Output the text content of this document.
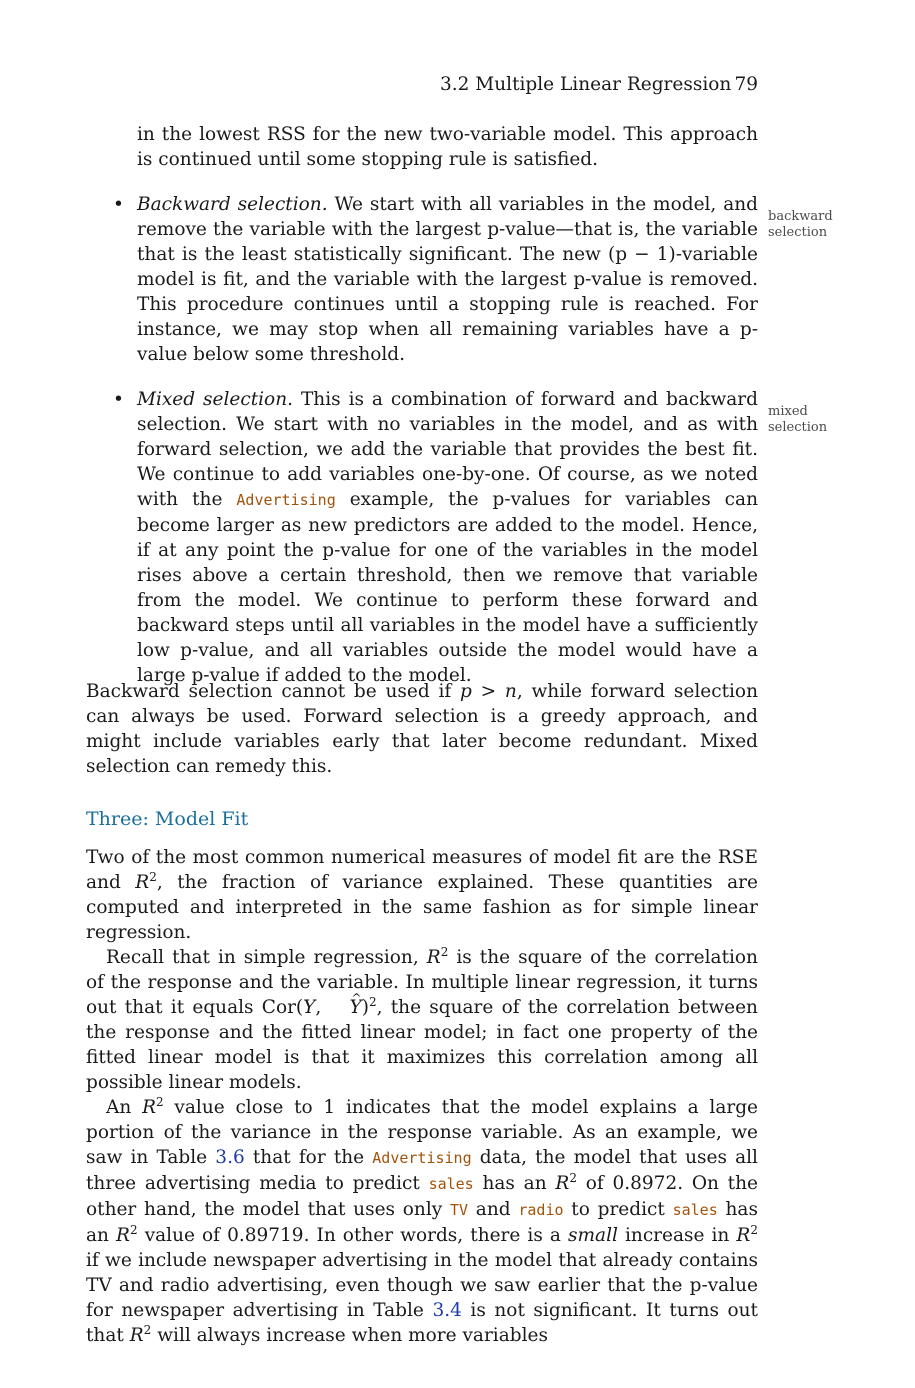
3.2 Multiple Linear Regression 79

in the lowest RSS for the new two-variable model. This approach is continued until some stopping rule is satisfied.

• Backward selection. We start with all variables in the model, and remove the variable with the largest p-value—that is, the variable that is the least statistically significant. The new (p − 1)-variable model is fit, and the variable with the largest p-value is removed. This procedure continues until a stopping rule is reached. For instance, we may stop when all remaining variables have a p-value below some threshold.

backward
selection
• Mixed selection. This is a combination of forward and backward selection. We start with no variables in the model, and as with forward selection, we add the variable that provides the best fit. We continue to add variables one-by-one. Of course, as we noted with the Advertising example, the p-values for variables can become larger as new predictors are added to the model. Hence, if at any point the p-value for one of the variables in the model rises above a certain threshold, then we remove that variable from the model. We continue to perform these forward and backward steps until all variables in the model have a sufficiently low p-value, and all variables outside the model would have a large p-value if added to the model.

mixed
selection

Backward selection cannot be used if p > n, while forward selection can always be used. Forward selection is a greedy approach, and might include variables early that later become redundant. Mixed selection can remedy this.

Three: Model Fit

Two of the most common numerical measures of model fit are the RSE and $R^2$, the fraction of variance explained. These quantities are computed and interpreted in the same fashion as for simple linear regression.

Recall that in simple regression, $R^2$ is the square of the correlation of the response and the variable. In multiple linear regression, it turns out that it equals Cor(Y, ^ Y)$^2$, the square of the correlation between the response and the fitted linear model; in fact one property of the fitted linear model is that it maximizes this correlation among all possible linear models.

An $R^2$ value close to 1 indicates that the model explains a large portion of the variance in the response variable. As an example, we saw in Table 3.6 that for the Advertising data, the model that uses all three advertising media to predict sales has an $R^2$ of 0.8972. On the other hand, the model that uses only TV and radio to predict sales has an $R^2$ value of 0.89719. In other words, there is a small increase in $R^2$ if we include newspaper advertising in the model that already contains TV and radio advertising, even though we saw earlier that the p-value for newspaper advertising in Table 3.4 is not significant. It turns out that $R^2$ will always increase when more variables
